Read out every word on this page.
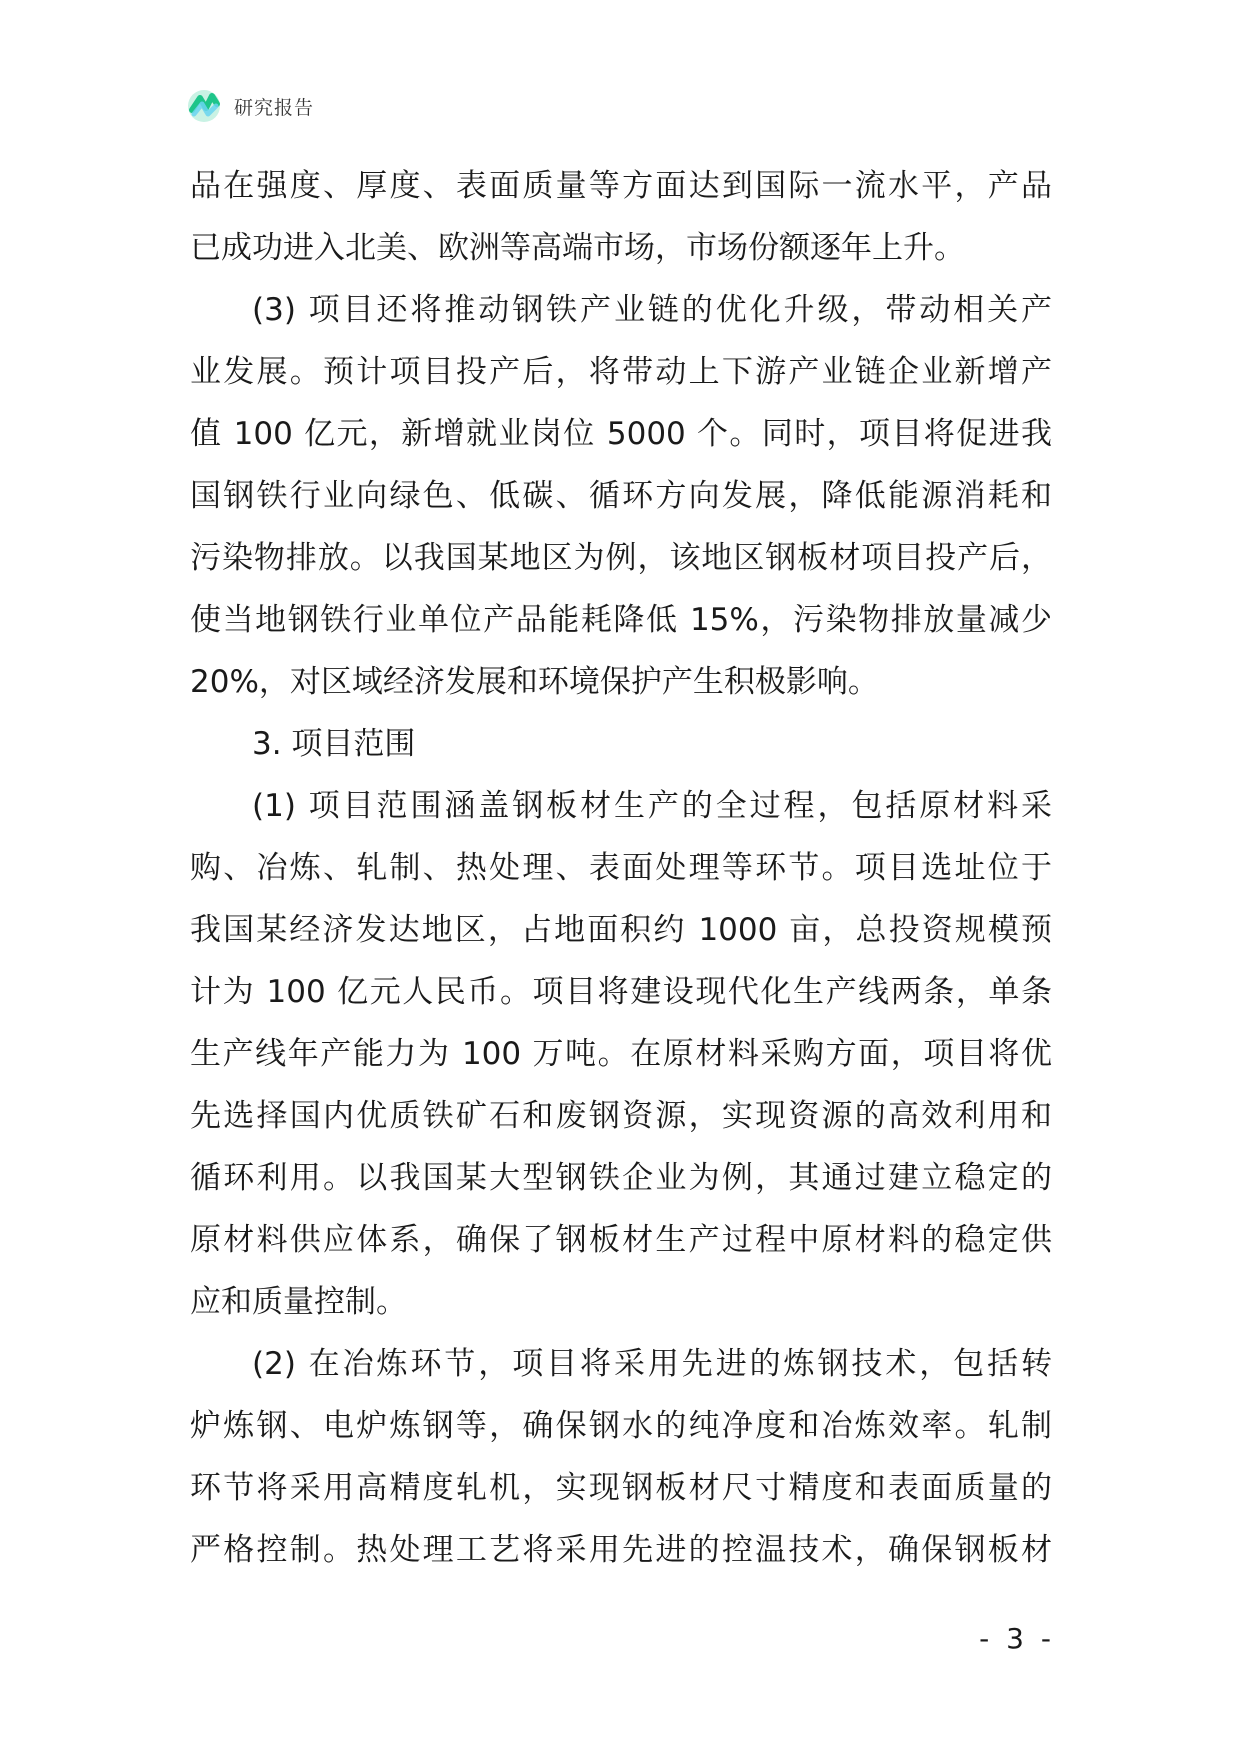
研究报告
品在强度、厚度、表面质量等方面达到国际一流水平，产品
已成功进入北美、欧洲等高端市场，市场份额逐年上升。
(3) 项目还将推动钢铁产业链的优化升级，带动相关产
业发展。预计项目投产后，将带动上下游产业链企业新增产
值 100 亿元，新增就业岗位 5000 个。同时，项目将促进我
国钢铁行业向绿色、低碳、循环方向发展，降低能源消耗和
污染物排放。以我国某地区为例，该地区钢板材项目投产后，
使当地钢铁行业单位产品能耗降低 15%，污染物排放量减少
20%，对区域经济发展和环境保护产生积极影响。
3. 项目范围
(1) 项目范围涵盖钢板材生产的全过程，包括原材料采
购、冶炼、轧制、热处理、表面处理等环节。项目选址位于
我国某经济发达地区，占地面积约 1000 亩，总投资规模预
计为 100 亿元人民币。项目将建设现代化生产线两条，单条
生产线年产能力为 100 万吨。在原材料采购方面，项目将优
先选择国内优质铁矿石和废钢资源，实现资源的高效利用和
循环利用。以我国某大型钢铁企业为例，其通过建立稳定的
原材料供应体系，确保了钢板材生产过程中原材料的稳定供
应和质量控制。
(2) 在冶炼环节，项目将采用先进的炼钢技术，包括转
炉炼钢、电炉炼钢等，确保钢水的纯净度和冶炼效率。轧制
环节将采用高精度轧机，实现钢板材尺寸精度和表面质量的
严格控制。热处理工艺将采用先进的控温技术，确保钢板材
- 3 -
